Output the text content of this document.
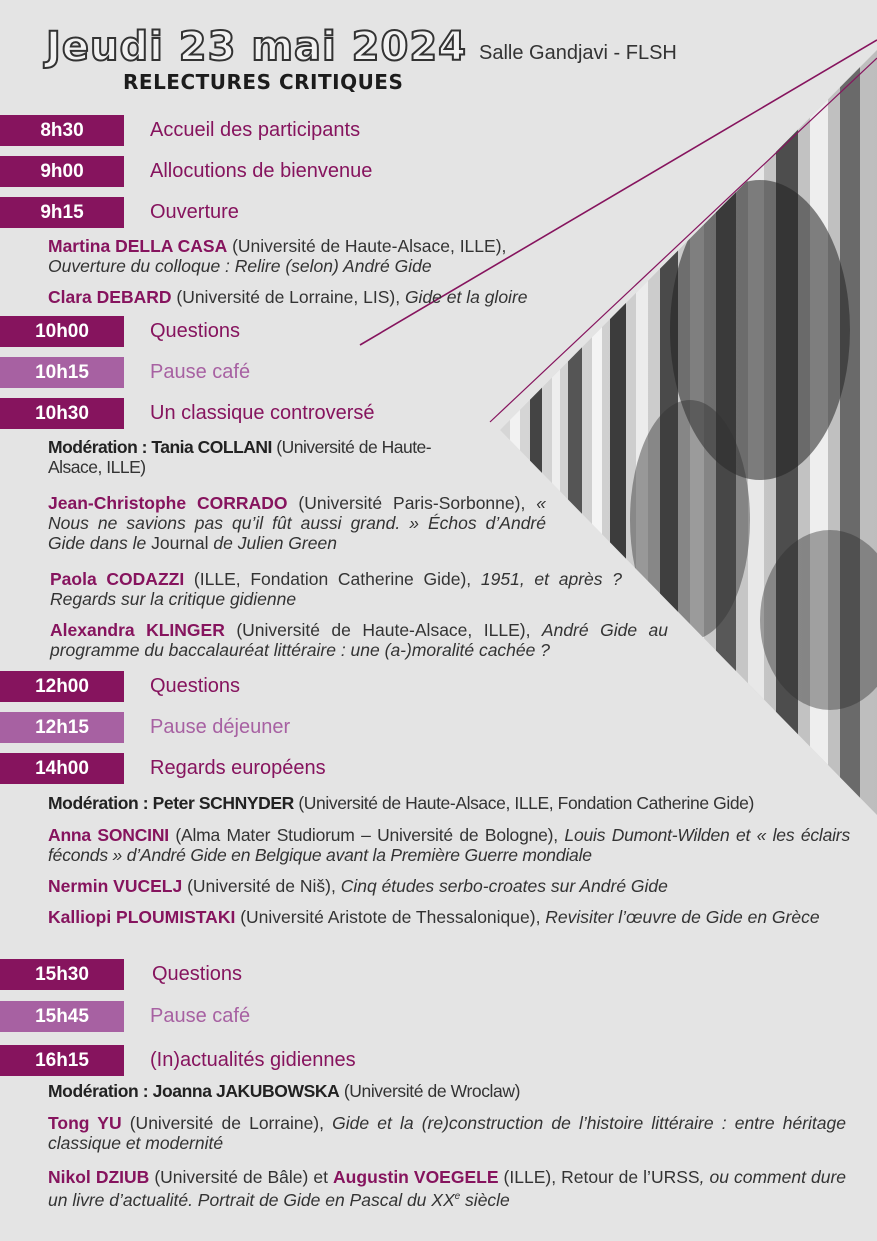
Jeudi 23 mai 2024 Salle Gandjavi - FLSH
RELECTURES CRITIQUES
8h30	Accueil des participants
9h00	Allocutions de bienvenue
9h15	Ouverture
Martina DELLA CASA (Université de Haute-Alsace, ILLE),
Ouverture du colloque : Relire (selon) André Gide
Clara DEBARD (Université de Lorraine, LIS), Gide et la gloire
10h00	Questions
10h15	Pause café
10h30	Un classique controversé
Modération : Tania COLLANI (Université de Haute-Alsace, ILLE)
Jean-Christophe CORRADO (Université Paris-Sorbonne), « Nous ne savions pas qu’il fût aussi grand. » Échos d’André Gide dans le Journal de Julien Green
Paola CODAZZI (ILLE, Fondation Catherine Gide), 1951, et après ? Regards sur la critique gidienne
Alexandra KLINGER (Université de Haute-Alsace, ILLE), André Gide au programme du baccalauréat littéraire : une (a-)moralité cachée ?
12h00	Questions
12h15	Pause déjeuner
14h00	Regards européens
Modération : Peter SCHNYDER (Université de Haute-Alsace, ILLE, Fondation Catherine Gide)
Anna SONCINI (Alma Mater Studiorum – Université de Bologne), Louis Dumont-Wilden et « les éclairs féconds » d’André Gide en Belgique avant la Première Guerre mondiale
Nermin VUCELJ (Université de Niš), Cinq études serbo-croates sur André Gide
Kalliopi PLOUMISTAKI (Université Aristote de Thessalonique), Revisiter l’œuvre de Gide en Grèce
15h30	Questions
15h45	Pause café
16h15	(In)actualités gidiennes
Modération : Joanna JAKUBOWSKA (Université de Wroclaw)
Tong YU (Université de Lorraine), Gide et la (re)construction de l’histoire littéraire : entre héritage classique et modernité
Nikol DZIUB (Université de Bâle) et Augustin VOEGELE (ILLE), Retour de l’URSS, ou comment dure un livre d’actualité. Portrait de Gide en Pascal du XXe siècle
